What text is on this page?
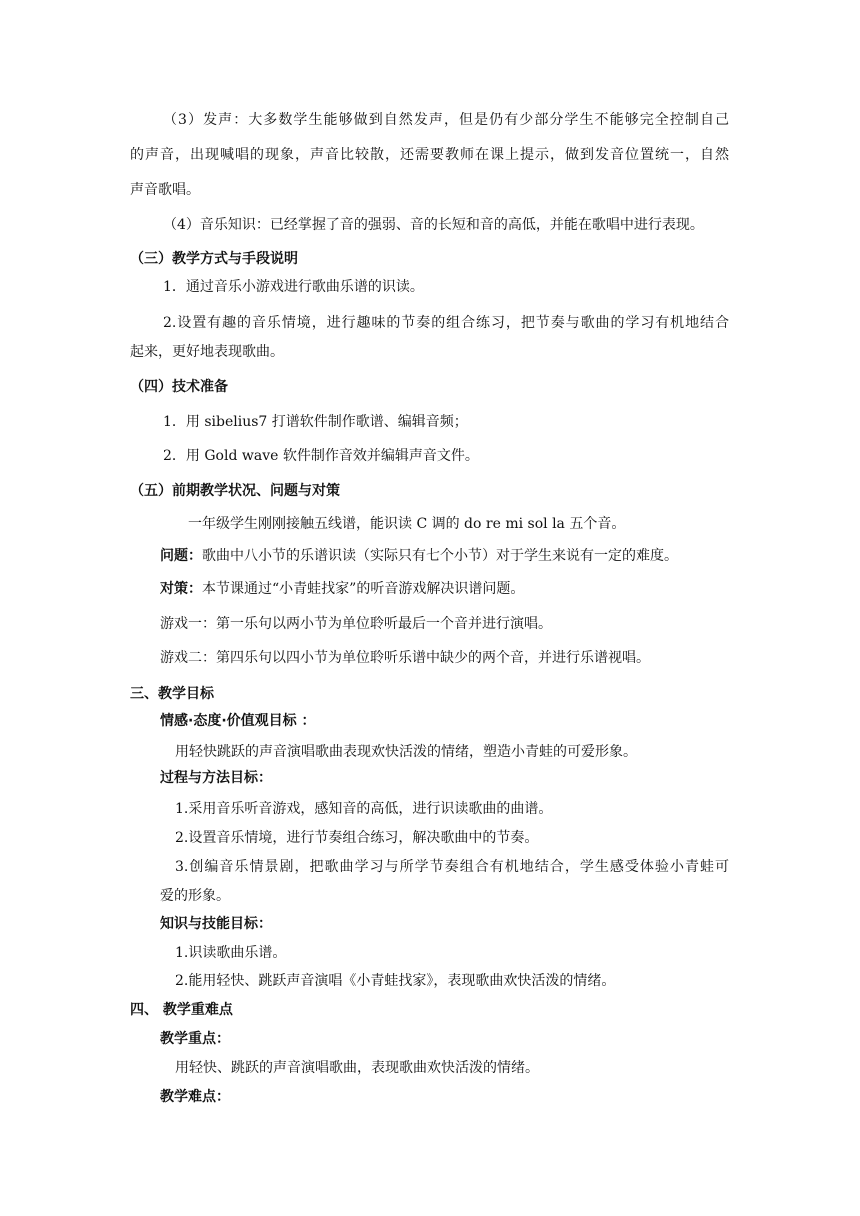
（3）发声：大多数学生能够做到自然发声，但是仍有少部分学生不能够完全控制自己
的声音，出现喊唱的现象，声音比较散，还需要教师在课上提示，做到发音位置统一，自然
声音歌唱。
（4）音乐知识：已经掌握了音的强弱、音的长短和音的高低，并能在歌唱中进行表现。
（三）教学方式与手段说明
1．通过音乐小游戏进行歌曲乐谱的识读。
2.设置有趣的音乐情境，进行趣味的节奏的组合练习，把节奏与歌曲的学习有机地结合
起来，更好地表现歌曲。
（四）技术准备
1．用 sibelius7 打谱软件制作歌谱、编辑音频；
2．用 Gold wave 软件制作音效并编辑声音文件。
（五）前期教学状况、问题与对策
一年级学生刚刚接触五线谱，能识读 C 调的 do re mi sol la 五个音。
问题：歌曲中八小节的乐谱识读（实际只有七个小节）对于学生来说有一定的难度。
对策：本节课通过“小青蛙找家”的听音游戏解决识谱问题。
游戏一：第一乐句以两小节为单位聆听最后一个音并进行演唱。
游戏二：第四乐句以四小节为单位聆听乐谱中缺少的两个音，并进行乐谱视唱。
三、教学目标
情感·态度·价值观目标 ：
用轻快跳跃的声音演唱歌曲表现欢快活泼的情绪，塑造小青蛙的可爱形象。
过程与方法目标：
1.采用音乐听音游戏，感知音的高低，进行识读歌曲的曲谱。
2.设置音乐情境，进行节奏组合练习，解决歌曲中的节奏。
3.创编音乐情景剧，把歌曲学习与所学节奏组合有机地结合，学生感受体验小青蛙可
爱的形象。
知识与技能目标：
1.识读歌曲乐谱。
2.能用轻快、跳跃声音演唱《小青蛙找家》，表现歌曲欢快活泼的情绪。
四、 教学重难点
教学重点：
用轻快、跳跃的声音演唱歌曲，表现歌曲欢快活泼的情绪。
教学难点：
